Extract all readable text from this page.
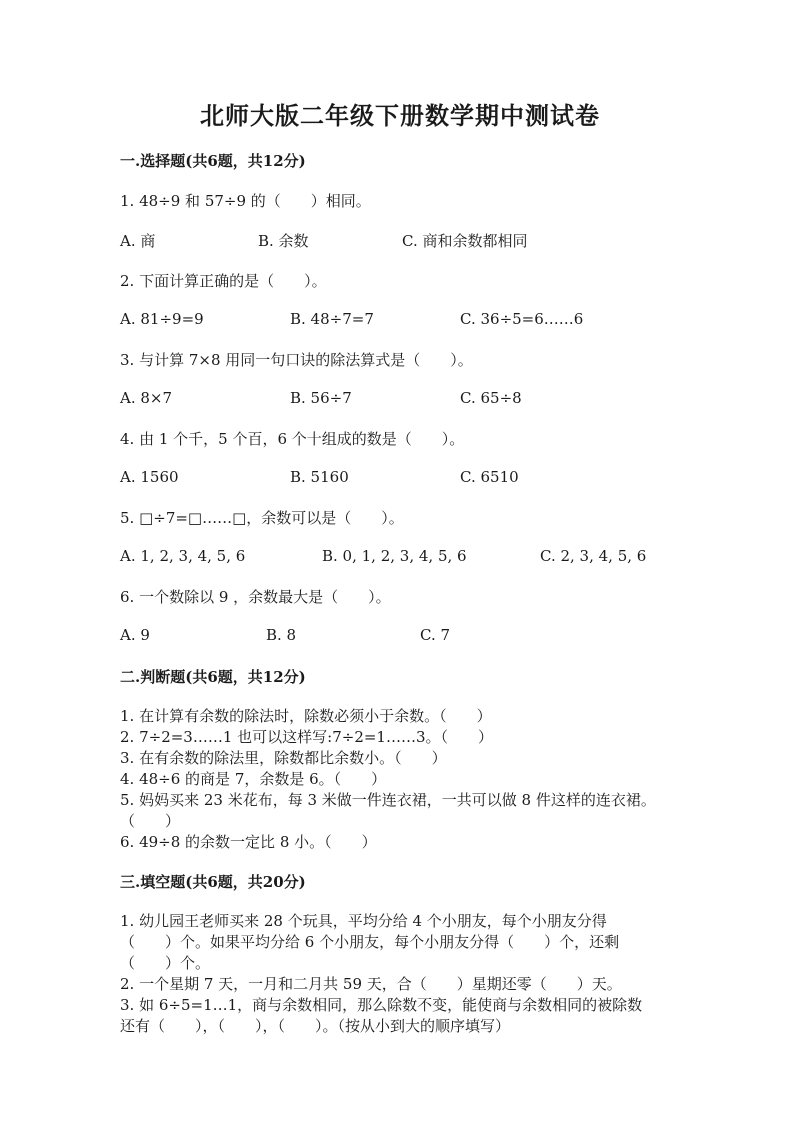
北师大版二年级下册数学期中测试卷
一.选择题(共6题，共12分)
1. 48÷9 和 57÷9 的（　　）相同。
A. 商	B. 余数	C. 商和余数都相同
2. 下面计算正确的是（　　）。
A. 81÷9=9	B. 48÷7=7	C. 36÷5=6……6
3. 与计算 7×8 用同一句口诀的除法算式是（　　）。
A. 8×7	B. 56÷7	C. 65÷8
4. 由 1 个千，5 个百，6 个十组成的数是（　　）。
A. 1560	B. 5160	C. 6510
5. □÷7=□……□，余数可以是（　　）。
A. 1, 2, 3, 4, 5, 6	B. 0, 1, 2, 3, 4, 5, 6	C. 2, 3, 4, 5, 6
6. 一个数除以 9 ，余数最大是（　　）。
A. 9	B. 8	C. 7
二.判断题(共6题，共12分)
1. 在计算有余数的除法时，除数必须小于余数。（　　）
2. 7÷2=3……1 也可以这样写:7÷2=1……3。（　　）
3. 在有余数的除法里，除数都比余数小。（　　）
4. 48÷6 的商是 7，余数是 6。（　　）
5. 妈妈买来 23 米花布，每 3 米做一件连衣裙，一共可以做 8 件这样的连衣裙。
（　　）
6. 49÷8 的余数一定比 8 小。（　　）
三.填空题(共6题，共20分)
1. 幼儿园王老师买来 28 个玩具，平均分给 4 个小朋友，每个小朋友分得
（　　）个。如果平均分给 6 个小朋友，每个小朋友分得（　　）个，还剩
（　　）个。
2. 一个星期 7 天，一月和二月共 59 天，合（　　）星期还零（　　）天。
3. 如 6÷5=1…1，商与余数相同，那么除数不变，能使商与余数相同的被除数
还有（　　），（　　），（　　）。（按从小到大的顺序填写）
